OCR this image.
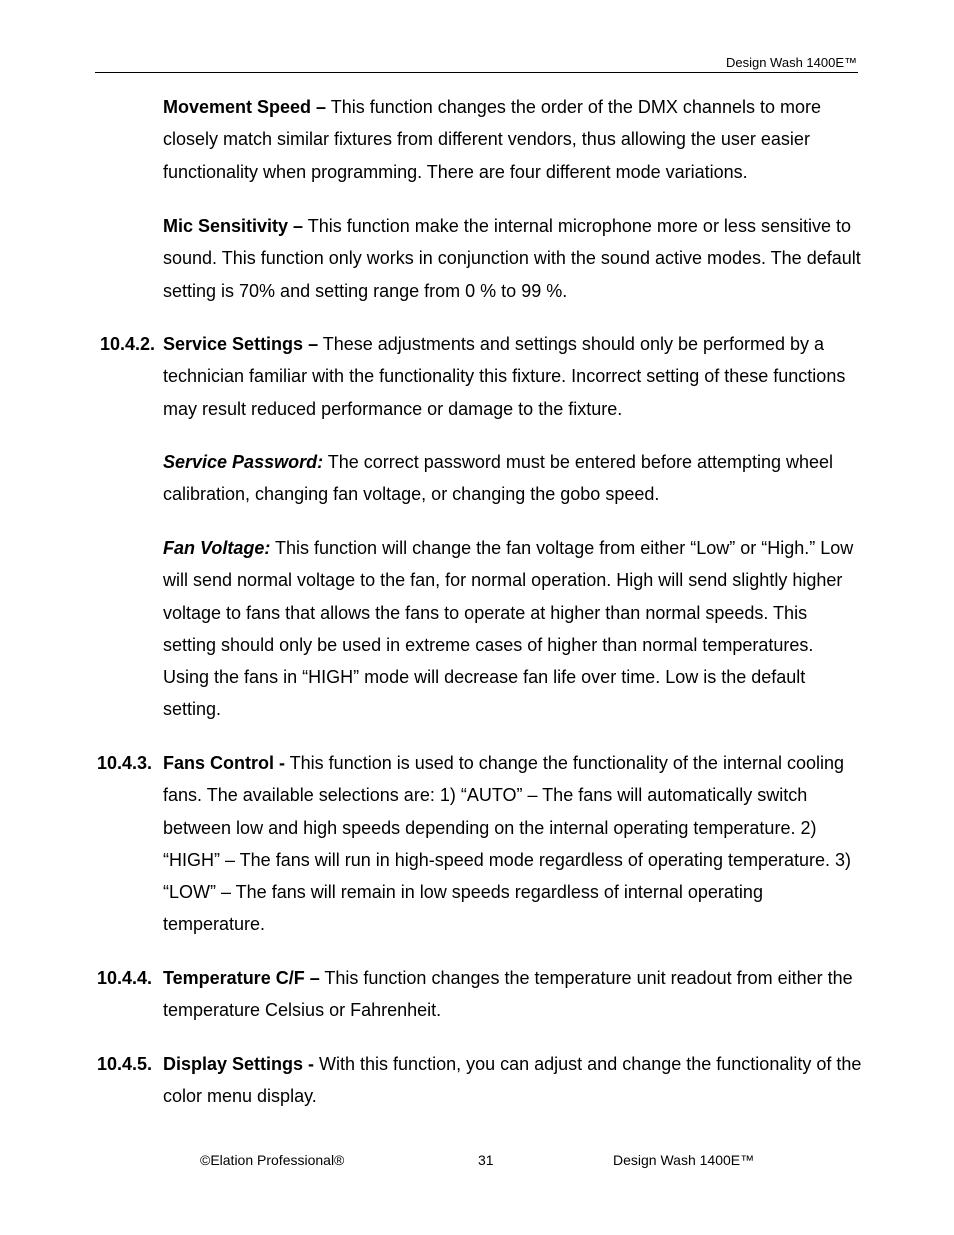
Design Wash 1400E™
Movement Speed – This function changes the order of the DMX channels to more closely match similar fixtures from different vendors, thus allowing the user easier functionality when programming. There are four different mode variations.
Mic Sensitivity – This function make the internal microphone more or less sensitive to sound. This function only works in conjunction with the sound active modes. The default setting is 70% and setting range from 0 % to 99 %.
10.4.2. Service Settings – These adjustments and settings should only be performed by a technician familiar with the functionality this fixture. Incorrect setting of these functions may result reduced performance or damage to the fixture.
Service Password: The correct password must be entered before attempting wheel calibration, changing fan voltage, or changing the gobo speed.
Fan Voltage: This function will change the fan voltage from either “Low” or “High.” Low will send normal voltage to the fan, for normal operation. High will send slightly higher voltage to fans that allows the fans to operate at higher than normal speeds. This setting should only be used in extreme cases of higher than normal temperatures. Using the fans in “HIGH” mode will decrease fan life over time. Low is the default setting.
10.4.3. Fans Control - This function is used to change the functionality of the internal cooling fans. The available selections are: 1) “AUTO” – The fans will automatically switch between low and high speeds depending on the internal operating temperature. 2) “HIGH” – The fans will run in high-speed mode regardless of operating temperature. 3) “LOW” – The fans will remain in low speeds regardless of internal operating temperature.
10.4.4. Temperature C/F – This function changes the temperature unit readout from either the temperature Celsius or Fahrenheit.
10.4.5. Display Settings - With this function, you can adjust and change the functionality of the color menu display.
©Elation Professional®	31	Design Wash 1400E™
